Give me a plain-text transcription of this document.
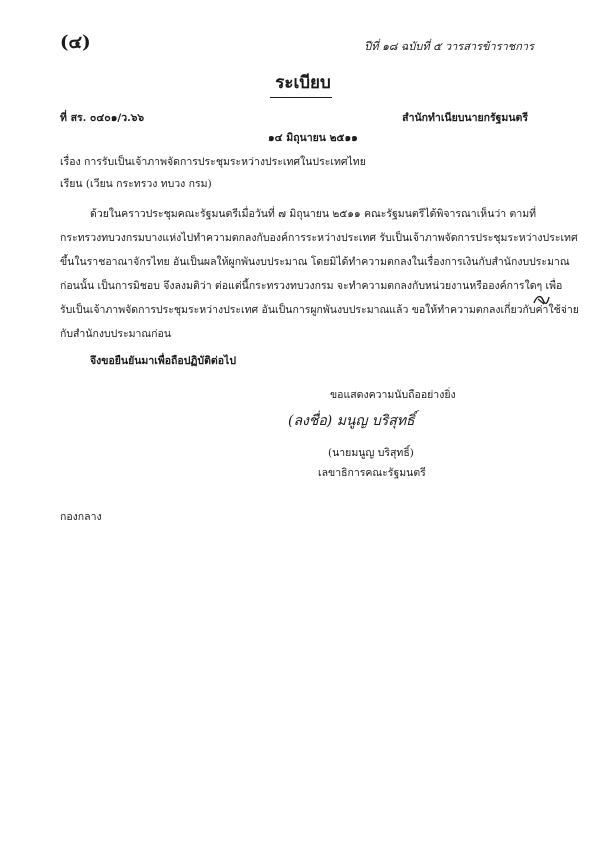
(๔)	ปีที่ ๑๘ ฉบับที่ ๕ วารสารข้าราชการ
ระเบียบ
ที่ สร. ๐๔๐๑/ว.๖๖	สำนักทำเนียบนายกรัฐมนตรี
๑๔ มิถุนายน ๒๕๑๑
เรื่อง การรับเป็นเจ้าภาพจัดการประชุมระหว่างประเทศในประเทศไทย
เรียน (เวียน กระทรวง ทบวง กรม)
ด้วยในคราวประชุมคณะรัฐมนตรีเมื่อวันที่ ๗ มิถุนายน ๒๕๑๑ คณะรัฐมนตรีได้พิจารณาเห็นว่า ตามที่
กระทรวงทบวงกรมบางแห่งไปทำความตกลงกับองค์การระหว่างประเทศ รับเป็นเจ้าภาพจัดการประชุมระหว่างประเทศ
ขึ้นในราชอาณาจักรไทย อันเป็นผลให้ผูกพันงบประมาณ โดยมิได้ทำความตกลงในเรื่องการเงินกับสำนักงบประมาณ
ก่อนนั้น เป็นการมิชอบ จึงลงมติว่า ต่อแต่นี้กระทรวงทบวงกรม จะทำความตกลงกับหน่วยงานหรือองค์การใดๆ เพื่อ
รับเป็นเจ้าภาพจัดการประชุมระหว่างประเทศ อันเป็นการผูกพันงบประมาณแล้ว ขอให้ทำความตกลงเกี่ยวกับค่าใช้จ่าย
กับสำนักงบประมาณก่อน
จึงขอยืนยันมาเพื่อถือปฏิบัติต่อไป
ขอแสดงความนับถืออย่างยิ่ง
(ลงชื่อ) มนูญ บริสุทธิ์
(นายมนูญ บริสุทธิ์)
เลขาธิการคณะรัฐมนตรี
กองกลาง
